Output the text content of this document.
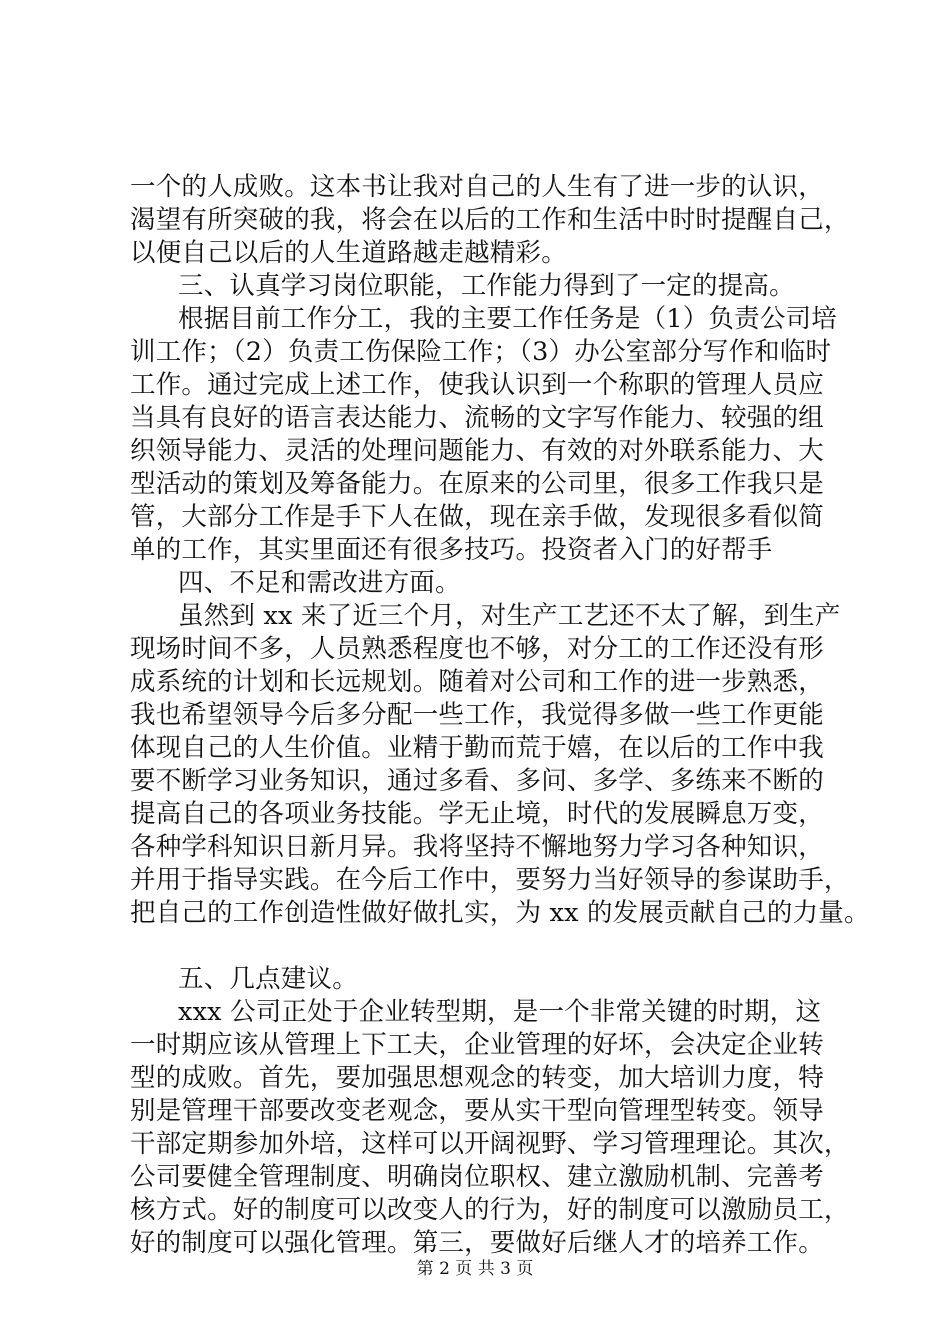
一个的人成败。这本书让我对自己的人生有了进一步的认识，
渴望有所突破的我，将会在以后的工作和生活中时时提醒自己，
以便自己以后的人生道路越走越精彩。
三、认真学习岗位职能，工作能力得到了一定的提高。
根据目前工作分工，我的主要工作任务是（1）负责公司培
训工作；（2）负责工伤保险工作；（3）办公室部分写作和临时
工作。通过完成上述工作，使我认识到一个称职的管理人员应
当具有良好的语言表达能力、流畅的文字写作能力、较强的组
织领导能力、灵活的处理问题能力、有效的对外联系能力、大
型活动的策划及筹备能力。在原来的公司里，很多工作我只是
管，大部分工作是手下人在做，现在亲手做，发现很多看似简
单的工作，其实里面还有很多技巧。投资者入门的好帮手
四、不足和需改进方面。
虽然到 xx 来了近三个月，对生产工艺还不太了解，到生产
现场时间不多，人员熟悉程度也不够，对分工的工作还没有形
成系统的计划和长远规划。随着对公司和工作的进一步熟悉，
我也希望领导今后多分配一些工作，我觉得多做一些工作更能
体现自己的人生价值。业精于勤而荒于嬉，在以后的工作中我
要不断学习业务知识，通过多看、多问、多学、多练来不断的
提高自己的各项业务技能。学无止境，时代的发展瞬息万变，
各种学科知识日新月异。我将坚持不懈地努力学习各种知识，
并用于指导实践。在今后工作中，要努力当好领导的参谋助手，
把自己的工作创造性做好做扎实，为 xx 的发展贡献自己的力量。
五、几点建议。
xxx 公司正处于企业转型期，是一个非常关键的时期，这
一时期应该从管理上下工夫，企业管理的好坏，会决定企业转
型的成败。首先，要加强思想观念的转变，加大培训力度，特
别是管理干部要改变老观念，要从实干型向管理型转变。领导
干部定期参加外培，这样可以开阔视野、学习管理理论。其次，
公司要健全管理制度、明确岗位职权、建立激励机制、完善考
核方式。好的制度可以改变人的行为，好的制度可以激励员工，
好的制度可以强化管理。第三，要做好后继人才的培养工作。
第 2 页 共 3 页
